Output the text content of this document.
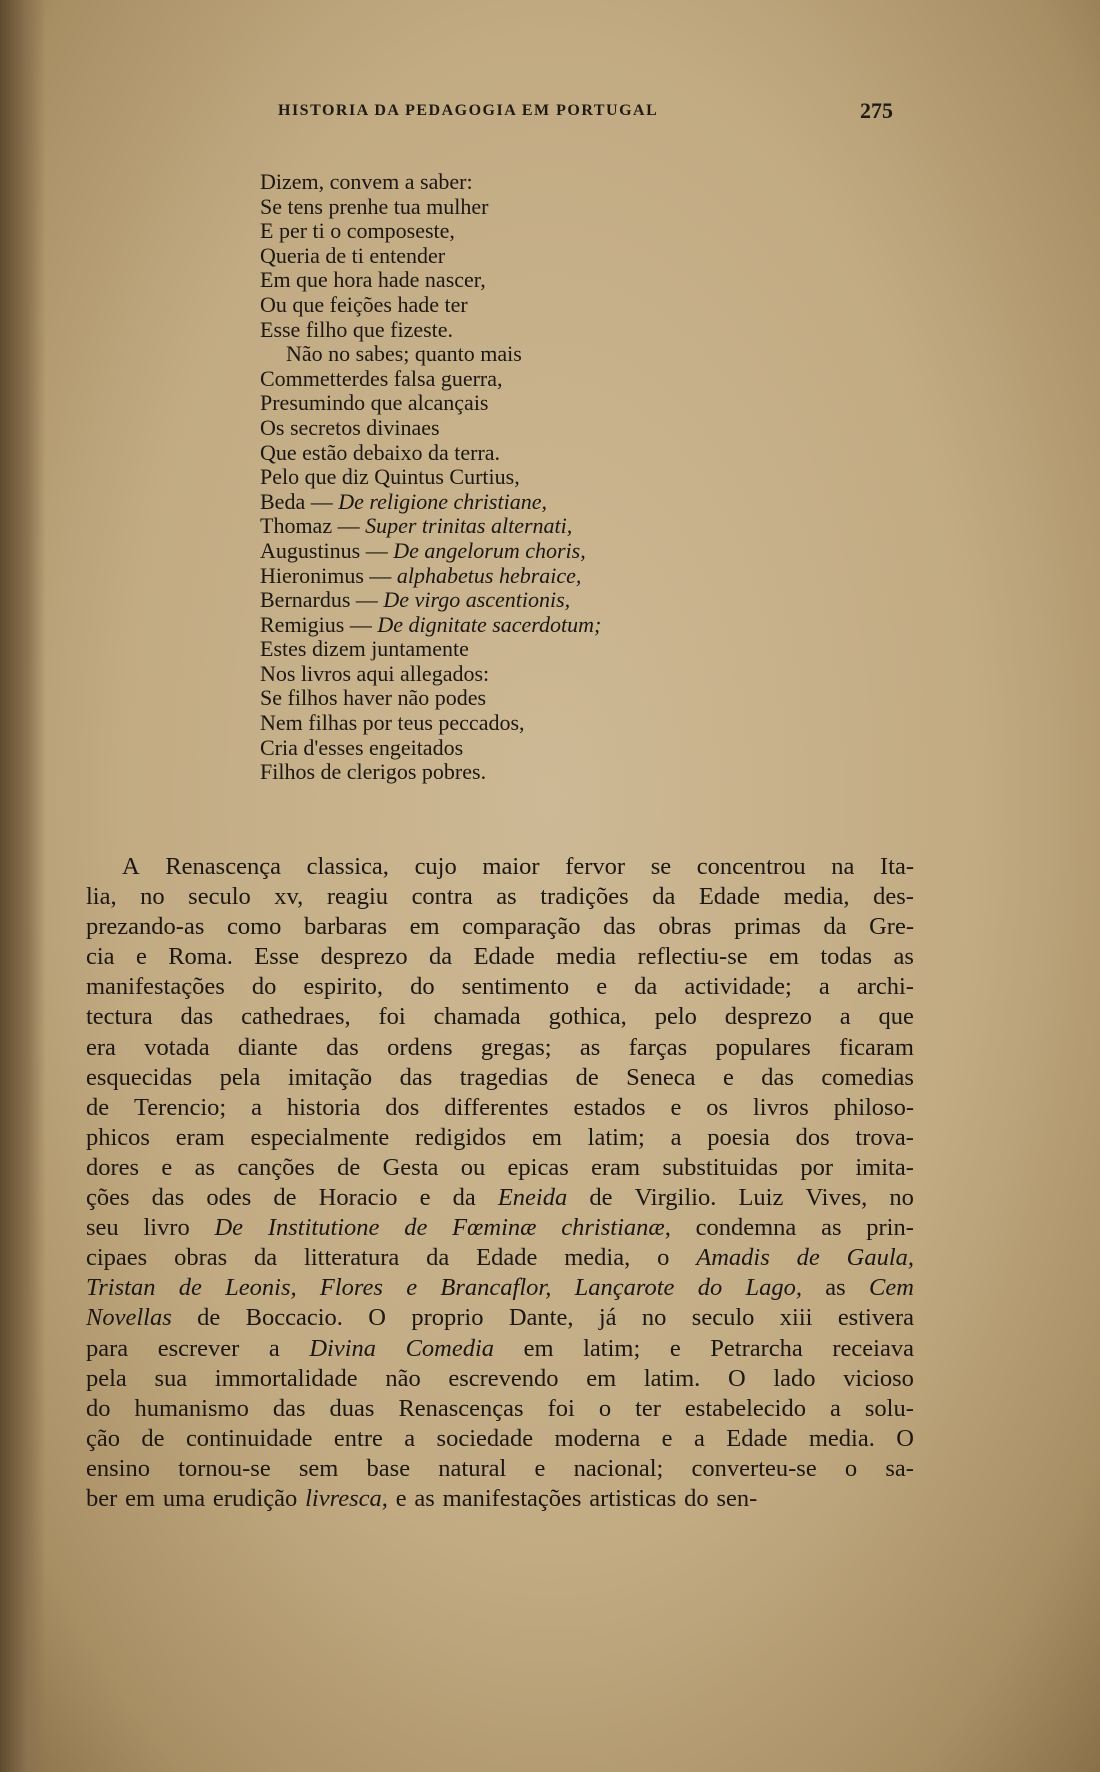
HISTORIA DA PEDAGOGIA EM PORTUGAL	275
Dizem, convem a saber:
Se tens prenhe tua mulher
E per ti o composeste,
Queria de ti entender
Em que hora hade nascer,
Ou que feições hade ter
Esse filho que fizeste.
Não no sabes; quanto mais
Commetterdes falsa guerra,
Presumindo que alcançais
Os secretos divinaes
Que estão debaixo da terra.
Pelo que diz Quintus Curtius,
Beda — De religione christiane,
Thomaz — Super trinitas alternati,
Augustinus — De angelorum choris,
Hieronimus — alphabetus hebraice,
Bernardus — De virgo ascentionis,
Remigius — De dignitate sacerdotum;
Estes dizem juntamente
Nos livros aqui allegados:
Se filhos haver não podes
Nem filhas por teus peccados,
Cria d'esses engeitados
Filhos de clerigos pobres.
A Renascença classica, cujo maior fervor se concentrou na Ita-
lia, no seculo xv, reagiu contra as tradições da Edade media, des-
prezando-as como barbaras em comparação das obras primas da Gre-
cia e Roma. Esse desprezo da Edade media reflectiu-se em todas as
manifestações do espirito, do sentimento e da actividade; a archi-
tectura das cathedraes, foi chamada gothica, pelo desprezo a que
era votada diante das ordens gregas; as farças populares ficaram
esquecidas pela imitação das tragedias de Seneca e das comedias
de Terencio; a historia dos differentes estados e os livros philoso-
phicos eram especialmente redigidos em latim; a poesia dos trova-
dores e as canções de Gesta ou epicas eram substituidas por imita-
ções das odes de Horacio e da Eneida de Virgilio. Luiz Vives, no
seu livro De Institutione de Fœminæ christianæ, condemna as prin-
cipaes obras da litteratura da Edade media, o Amadis de Gaula,
Tristan de Leonis, Flores e Brancaflor, Lançarote do Lago, as Cem
Novellas de Boccacio. O proprio Dante, já no seculo xiii estivera
para escrever a Divina Comedia em latim; e Petrarcha receiava
pela sua immortalidade não escrevendo em latim. O lado vicioso
do humanismo das duas Renascenças foi o ter estabelecido a solu-
ção de continuidade entre a sociedade moderna e a Edade media. O
ensino tornou-se sem base natural e nacional; converteu-se o sa-
ber em uma erudição livresca, e as manifestações artisticas do sen-
